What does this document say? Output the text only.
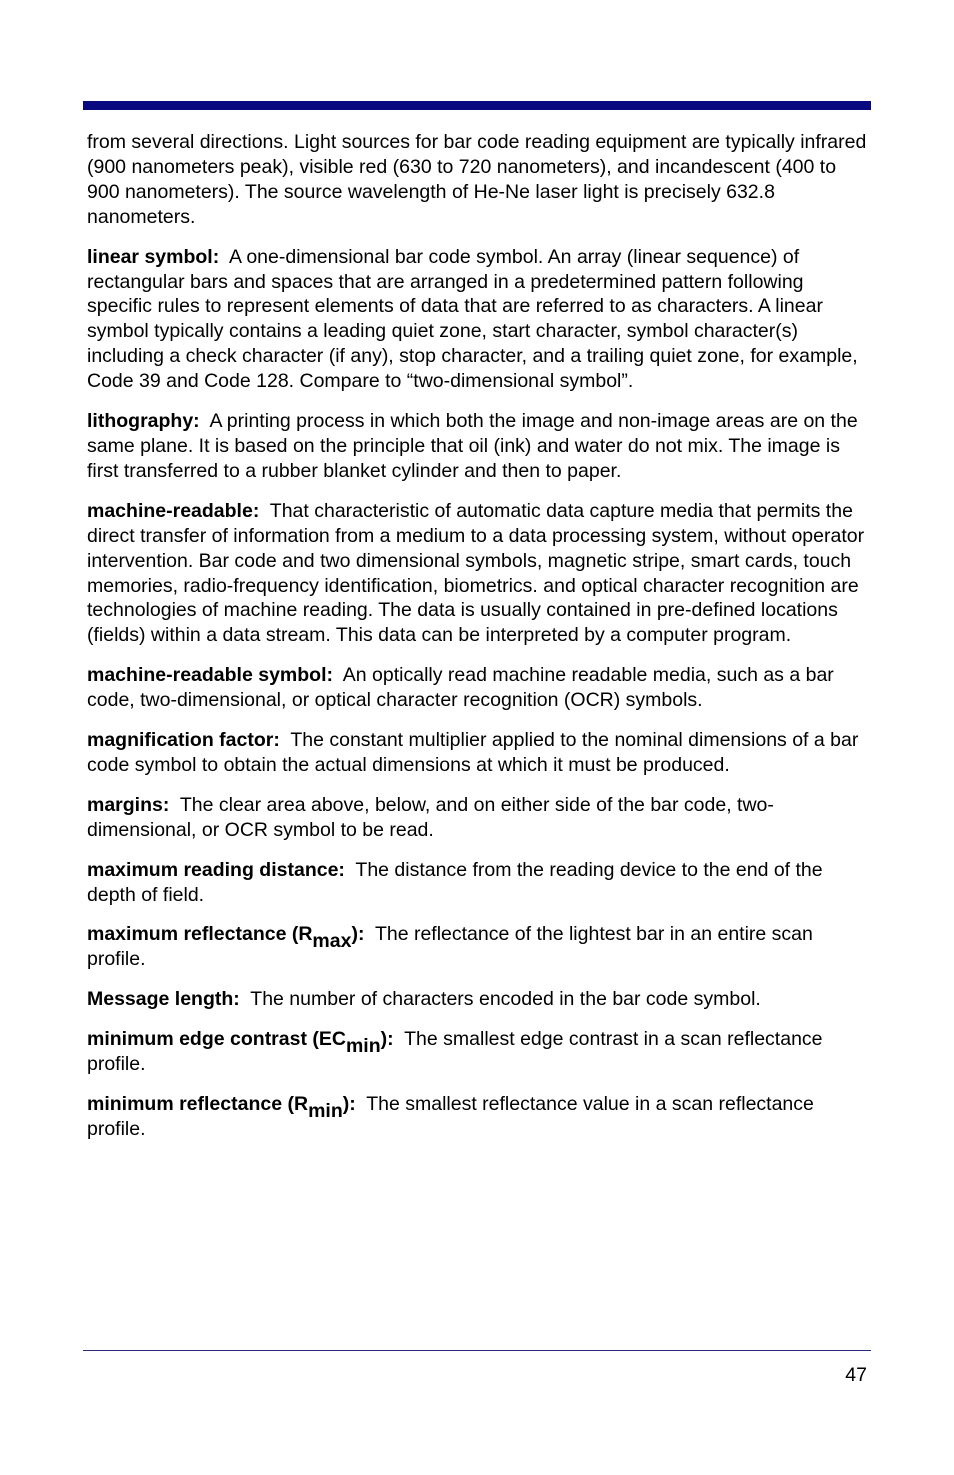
from several directions. Light sources for bar code reading equipment are typically infrared (900 nanometers peak), visible red (630 to 720 nanometers), and incandescent (400 to 900 nanometers). The source wavelength of He-Ne laser light is precisely 632.8 nanometers.

linear symbol: A one-dimensional bar code symbol. An array (linear sequence) of rectangular bars and spaces that are arranged in a predetermined pattern following specific rules to represent elements of data that are referred to as characters. A linear symbol typically contains a leading quiet zone, start character, symbol character(s) including a check character (if any), stop character, and a trailing quiet zone, for example, Code 39 and Code 128. Compare to “two-dimensional symbol”.

lithography: A printing process in which both the image and non-image areas are on the same plane. It is based on the principle that oil (ink) and water do not mix. The image is first transferred to a rubber blanket cylinder and then to paper.

machine-readable: That characteristic of automatic data capture media that permits the direct transfer of information from a medium to a data processing system, without operator intervention. Bar code and two dimensional symbols, magnetic stripe, smart cards, touch memories, radio-frequency identification, biometrics. and optical character recognition are technologies of machine reading. The data is usually contained in pre-defined locations (fields) within a data stream. This data can be interpreted by a computer program.

machine-readable symbol: An optically read machine readable media, such as a bar code, two-dimensional, or optical character recognition (OCR) symbols.

magnification factor: The constant multiplier applied to the nominal dimensions of a bar code symbol to obtain the actual dimensions at which it must be produced.

margins: The clear area above, below, and on either side of the bar code, two-dimensional, or OCR symbol to be read.

maximum reading distance: The distance from the reading device to the end of the depth of field.

maximum reflectance (Rmax): The reflectance of the lightest bar in an entire scan profile.

Message length: The number of characters encoded in the bar code symbol.

minimum edge contrast (ECmin): The smallest edge contrast in a scan reflectance profile.

minimum reflectance (Rmin): The smallest reflectance value in a scan reflectance profile.

47
